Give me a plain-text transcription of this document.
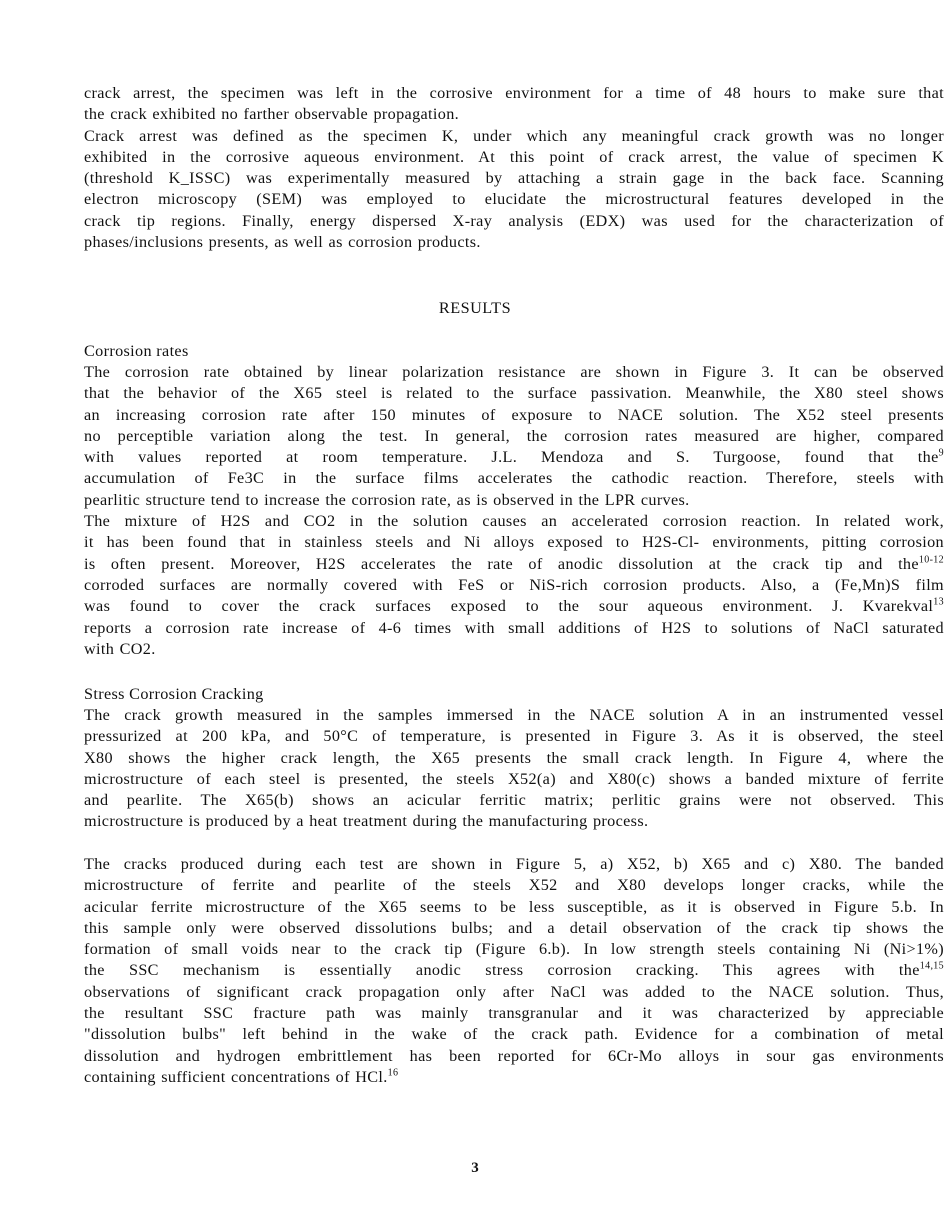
crack arrest, the specimen was left in the corrosive environment for a time of 48 hours to make sure that
the crack exhibited no farther observable propagation.
Crack arrest was defined as the specimen K, under which any meaningful crack growth was no longer
exhibited in the corrosive aqueous environment. At this point of crack arrest, the value of specimen K
(threshold K_ISSC) was experimentally measured by attaching a strain gage in the back face. Scanning
electron microscopy (SEM) was employed to elucidate the microstructural features developed in the
crack tip regions. Finally, energy dispersed X-ray analysis (EDX) was used for the characterization of
phases/inclusions presents, as well as corrosion products.
RESULTS
Corrosion rates
The corrosion rate obtained by linear polarization resistance are shown in Figure 3. It can be observed
that the behavior of the X65 steel is related to the surface passivation. Meanwhile, the X80 steel shows
an increasing corrosion rate after 150 minutes of exposure to NACE solution. The X52 steel presents
no perceptible variation along the test. In general, the corrosion rates measured are higher, compared
with values reported at room temperature. J.L. Mendoza and S. Turgoose, found that the$^9$
accumulation of Fe3C in the surface films accelerates the cathodic reaction. Therefore, steels with
pearlitic structure tend to increase the corrosion rate, as is observed in the LPR curves.
The mixture of H2S and CO2 in the solution causes an accelerated corrosion reaction. In related work,
it has been found that in stainless steels and Ni alloys exposed to H2S-Cl- environments, pitting corrosion
is often present. Moreover, H2S accelerates the rate of anodic dissolution at the crack tip and the$^{10-12}$
corroded surfaces are normally covered with FeS or NiS-rich corrosion products. Also, a (Fe,Mn)S film
was found to cover the crack surfaces exposed to the sour aqueous environment. J. Kvarekval$^{13}$
reports a corrosion rate increase of 4-6 times with small additions of H2S to solutions of NaCl saturated
with CO2.
Stress Corrosion Cracking
The crack growth measured in the samples immersed in the NACE solution A in an instrumented vessel
pressurized at 200 kPa, and 50°C of temperature, is presented in Figure 3. As it is observed, the steel
X80 shows the higher crack length, the X65 presents the small crack length. In Figure 4, where the
microstructure of each steel is presented, the steels X52(a) and X80(c) shows a banded mixture of ferrite
and pearlite. The X65(b) shows an acicular ferritic matrix; perlitic grains were not observed. This
microstructure is produced by a heat treatment during the manufacturing process.
The cracks produced during each test are shown in Figure 5, a) X52, b) X65 and c) X80. The banded
microstructure of ferrite and pearlite of the steels X52 and X80 develops longer cracks, while the
acicular ferrite microstructure of the X65 seems to be less susceptible, as it is observed in Figure 5.b. In
this sample only were observed dissolutions bulbs; and a detail observation of the crack tip shows the
formation of small voids near to the crack tip (Figure 6.b). In low strength steels containing Ni (Ni>1%)
the SSC mechanism is essentially anodic stress corrosion cracking. This agrees with the$^{14,15}$
observations of significant crack propagation only after NaCl was added to the NACE solution. Thus,
the resultant SSC fracture path was mainly transgranular and it was characterized by appreciable
"dissolution bulbs" left behind in the wake of the crack path. Evidence for a combination of metal
dissolution and hydrogen embrittlement has been reported for 6Cr-Mo alloys in sour gas environments
containing sufficient concentrations of HCl.$^{16}$
3
